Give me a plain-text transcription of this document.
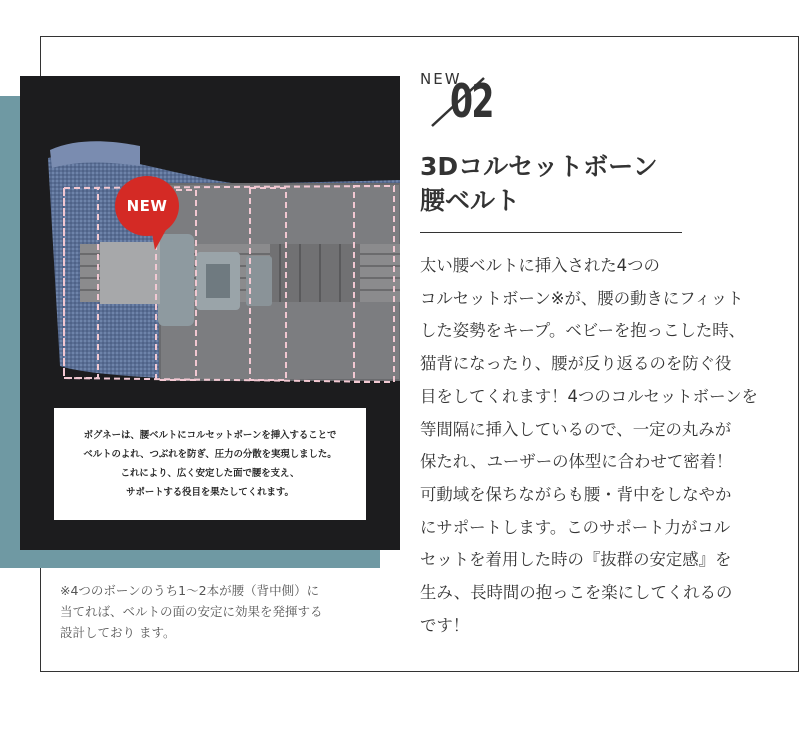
NEW

ボグネーは、腰ベルトにコルセットボーンを挿入することで

ベルトのよれ、つぶれを防ぎ、圧力の分散を実現しました。

これにより、広く安定した面で腰を支え、

サポートする役目を果たしてくれます。

※4つのボーンのうち1～2本が腰（背中側）に
当てれば、ベルトの面の安定に効果を発揮する
設計しており ます。

NEW
02
3Dコルセットボーン
腰ベルト

太い腰ベルトに挿入された4つの
コルセットボーン※が、腰の動きにフィット
した姿勢をキープ。ベビーを抱っこした時、
猫背になったり、腰が反り返るのを防ぐ役
目をしてくれます！4つのコルセットボーンを
等間隔に挿入しているので、一定の丸みが
保たれ、ユーザーの体型に合わせて密着！
可動域を保ちながらも腰・背中をしなやか
にサポートします。このサポート力がコル
セットを着用した時の『抜群の安定感』を
生み、長時間の抱っこを楽にしてくれるの
です！
